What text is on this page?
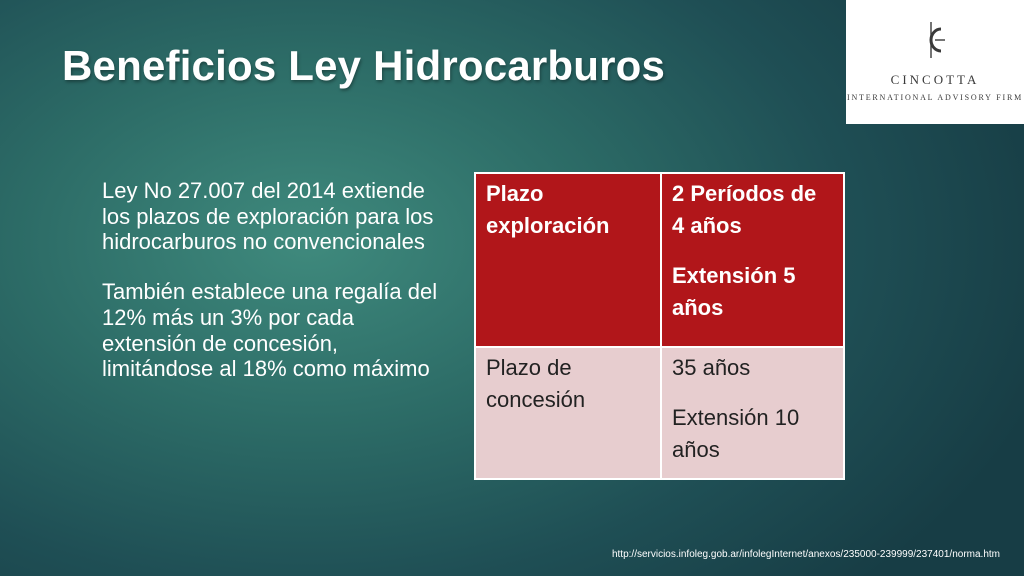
Beneficios Ley Hidrocarburos	CINCOTTA
INTERNATIONAL ADVISORY FIRM

Ley No 27.007 del 2014 extiende los plazos de exploración para los hidrocarburos no convencionales

También establece una regalía del 12% más un 3% por cada extensión de concesión, limitándose al 18% como máximo

Plazo exploración	2 Períodos de 4 años
Extensión 5 años
Plazo de concesión	35 años
Extensión 10 años
http://servicios.infoleg.gob.ar/infolegInternet/anexos/235000-239999/237401/norma.htm
